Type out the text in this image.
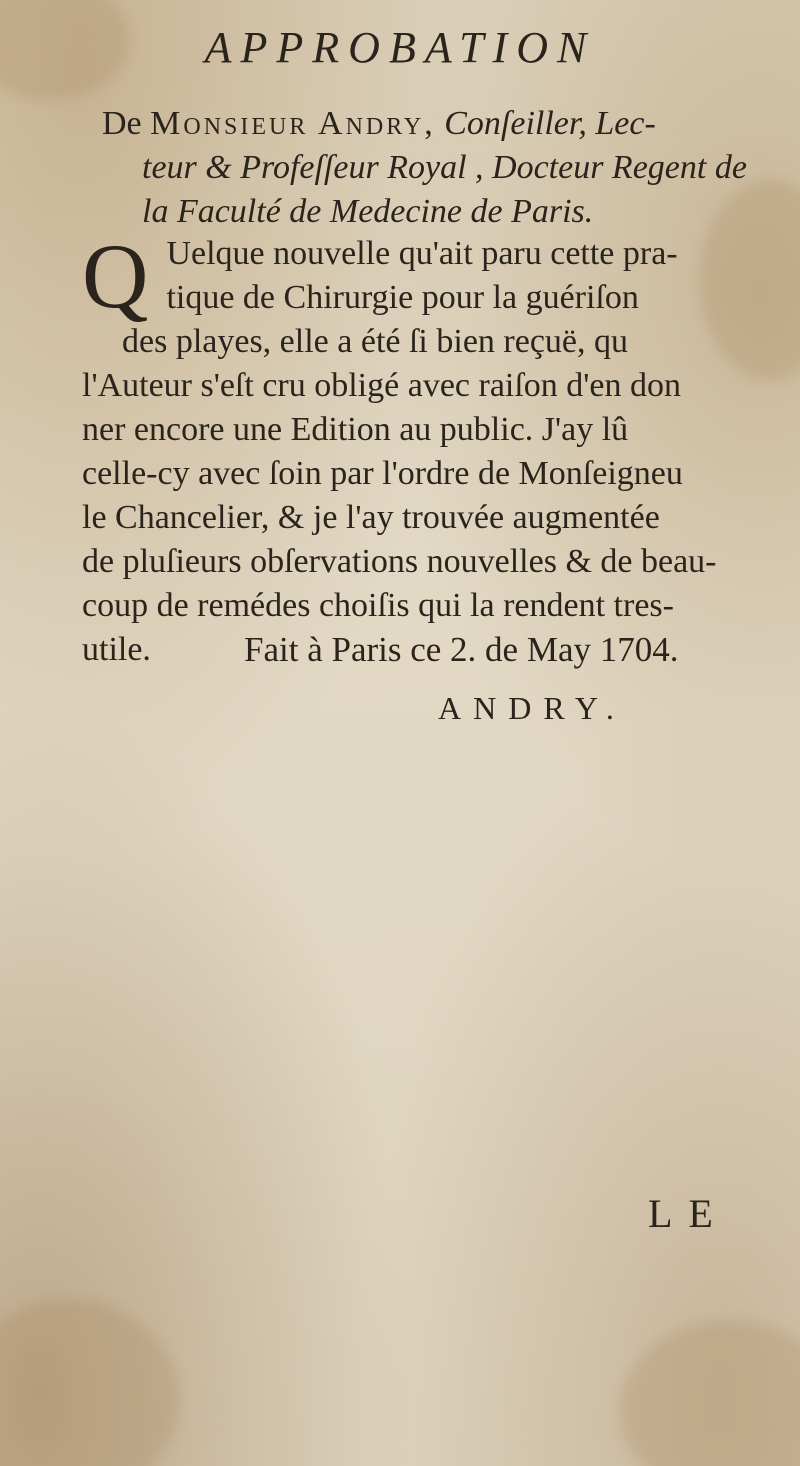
APPROBATION
De Monsieur Andry, Conſeiller, Lec-
teur & Profeſſeur Royal , Docteur Regent de
la Faculté de Medecine de Paris.
Q Uelque nouvelle qu'ait paru cette pra-
tique de Chirurgie pour la guériſon
des playes, elle a été ſi bien reçuë, qu
l'Auteur s'eſt cru obligé avec raiſon d'en don
ner encore une Edition au public. J'ay lû
celle-cy avec ſoin par l'ordre de Monſeigneu
le Chancelier, & je l'ay trouvée augmentée
de pluſieurs obſervations nouvelles & de beau-
coup de remédes choiſis qui la rendent tres-
utile.	Fait à Paris ce 2. de May 1704.
ANDRY.
LE
